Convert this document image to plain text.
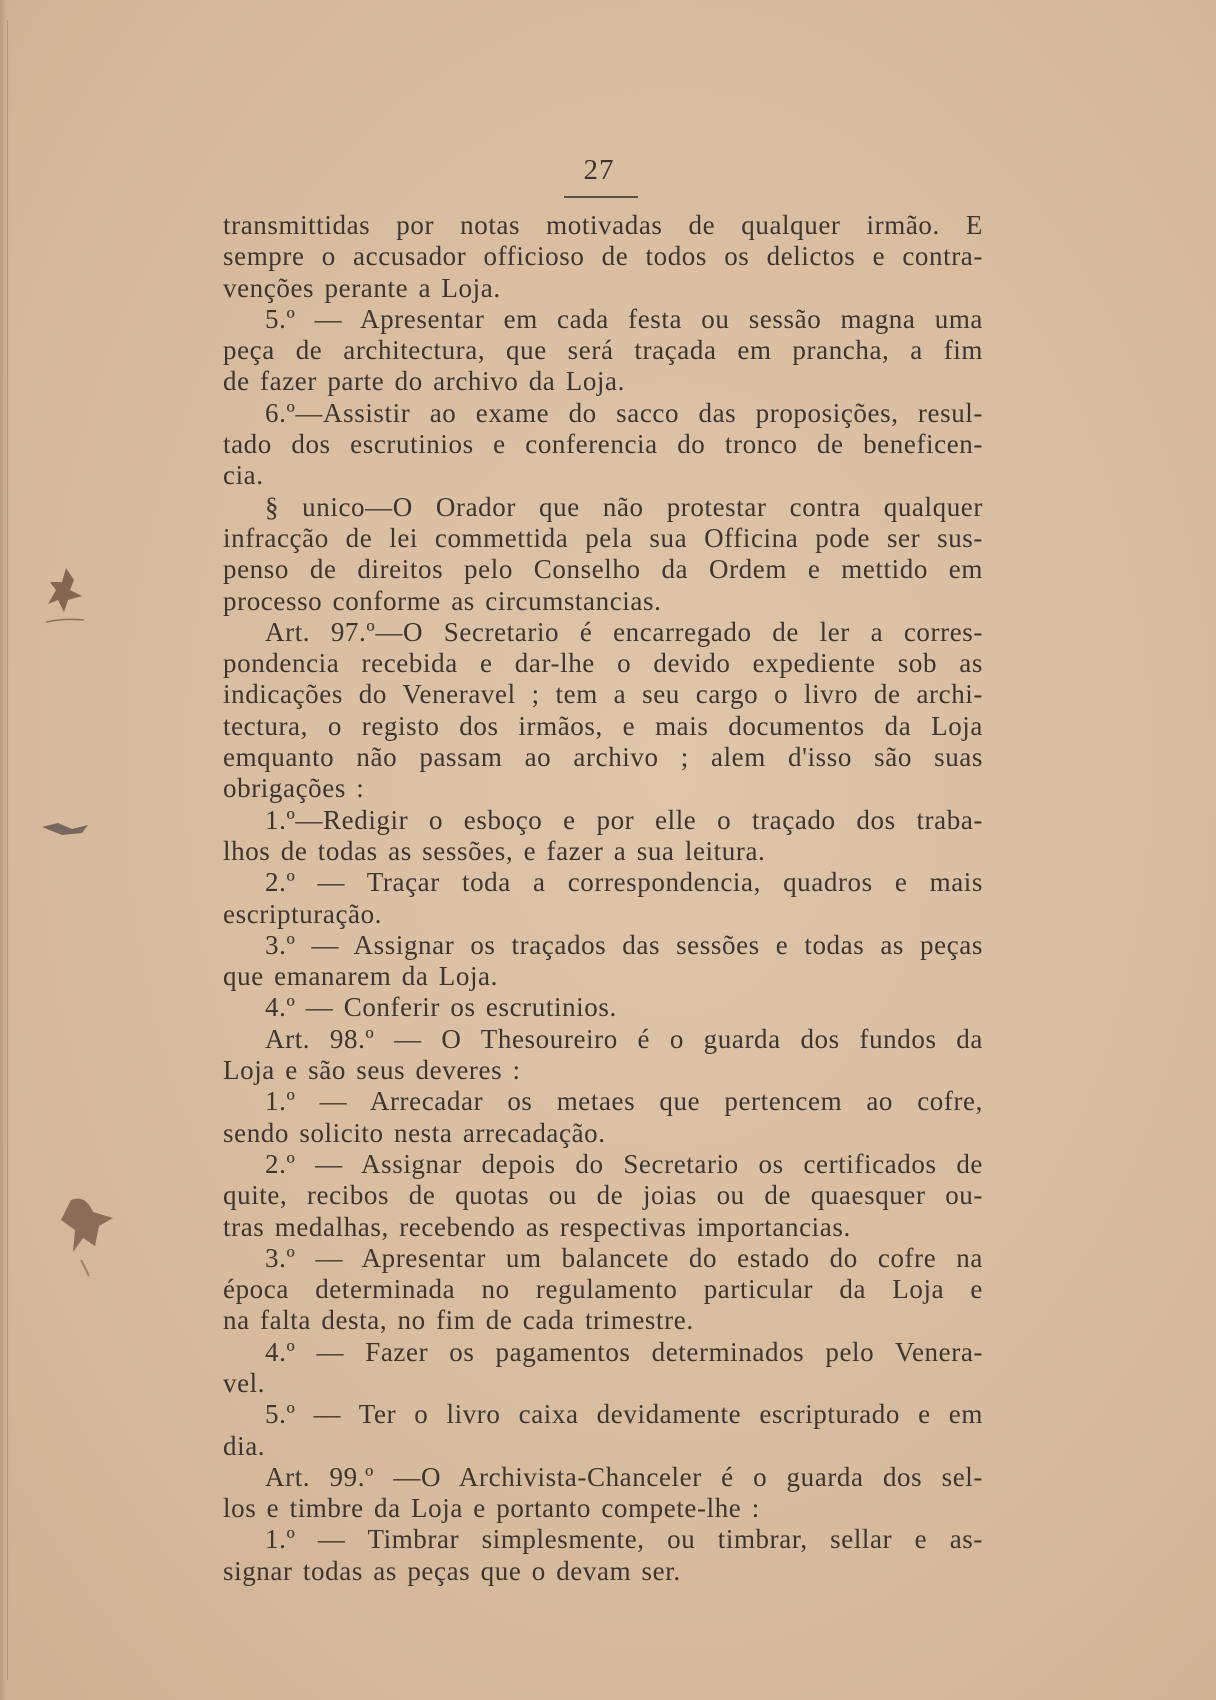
27
transmittidas por notas motivadas de qualquer irmão. E
sempre o accusador officioso de todos os delictos e contra-
venções perante a Loja.
5.º — Apresentar em cada festa ou sessão magna uma
peça de architectura, que será traçada em prancha, a fim
de fazer parte do archivo da Loja.
6.º—Assistir ao exame do sacco das proposições, resul-
tado dos escrutinios e conferencia do tronco de beneficen-
cia.
§ unico—O Orador que não protestar contra qualquer
infracção de lei commettida pela sua Officina pode ser sus-
penso de direitos pelo Conselho da Ordem e mettido em
processo conforme as circumstancias.
Art. 97.º—O Secretario é encarregado de ler a corres-
pondencia recebida e dar-lhe o devido expediente sob as
indicações do Veneravel ; tem a seu cargo o livro de archi-
tectura, o registo dos irmãos, e mais documentos da Loja
emquanto não passam ao archivo ; alem d'isso são suas
obrigações :
1.º—Redigir o esboço e por elle o traçado dos traba-
lhos de todas as sessões, e fazer a sua leitura.
2.º — Traçar toda a correspondencia, quadros e mais
escripturação.
3.º — Assignar os traçados das sessões e todas as peças
que emanarem da Loja.
4.º — Conferir os escrutinios.
Art. 98.º — O Thesoureiro é o guarda dos fundos da
Loja e são seus deveres :
1.º — Arrecadar os metaes que pertencem ao cofre,
sendo solicito nesta arrecadação.
2.º — Assignar depois do Secretario os certificados de
quite, recibos de quotas ou de joias ou de quaesquer ou-
tras medalhas, recebendo as respectivas importancias.
3.º — Apresentar um balancete do estado do cofre na
época determinada no regulamento particular da Loja e
na falta desta, no fim de cada trimestre.
4.º — Fazer os pagamentos determinados pelo Venera-
vel.
5.º — Ter o livro caixa devidamente escripturado e em
dia.
Art. 99.º —O Archivista-Chanceler é o guarda dos sel-
los e timbre da Loja e portanto compete-lhe :
1.º — Timbrar simplesmente, ou timbrar, sellar e as-
signar todas as peças que o devam ser.
